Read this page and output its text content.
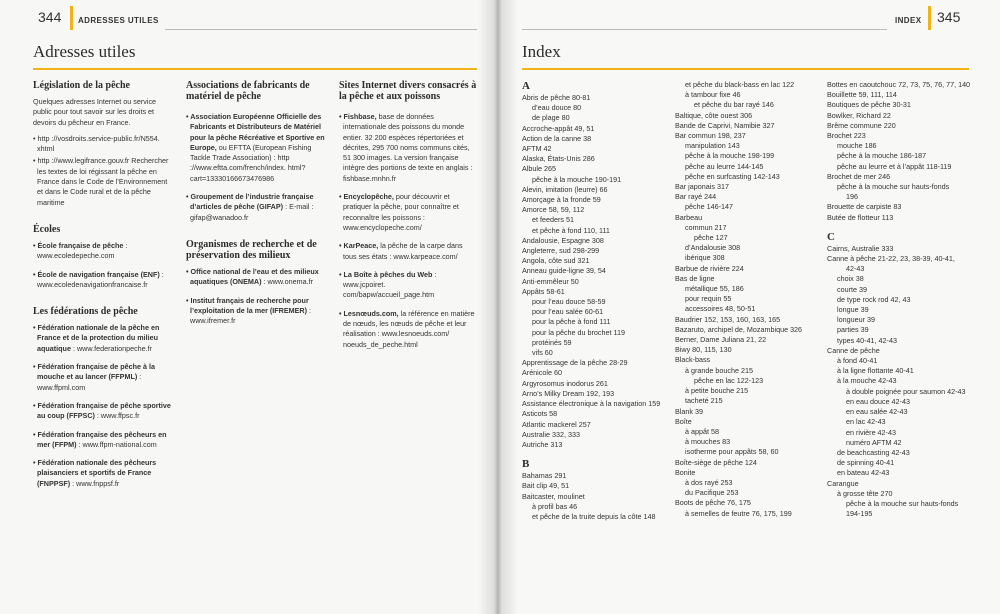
344 ADRESSES UTILES
Adresses utiles
Législation de la pêche
Quelques adresses Internet ou service public pour tout savoir sur les droits et devoirs du pêcheur en France.
• http ://vosdroits.service-public.fr/N554. xhtml
• http ://www.legifrance.gouv.fr Rechercher les textes de loi régissant la pêche en France dans le Code de l’Environnement et dans le Code rural et de la pêche maritime
Écoles
• École française de pêche : www.ecoledepeche.com
• École de navigation française (ENF) : www.ecoledenavigationfrancaise.fr
Les fédérations de pêche
• Fédération nationale de la pêche en France et de la protection du milieu aquatique : www.federationpeche.fr
• Fédération française de pêche à la mouche et au lancer (FFPML) : www.ffpml.com
• Fédération française de pêche sportive au coup (FFPSC) : www.ffpsc.fr
• Fédération française des pêcheurs en mer (FFPM) : www.ffpm-national.com
• Fédération nationale des pêcheurs plaisanciers et sportifs de France (FNPPSF) : www.fnppsf.fr
Associations de fabricants de matériel de pêche
• Association Européenne Officielle des Fabricants et Distributeurs de Matériel pour la pêche Récréative et Sportive en Europe, ou EFTTA (European Fishing Tackle Trade Association) : http ://www.eftta.com/french/index. html?cart=13330166673476986
• Groupement de l’industrie française d’articles de pêche (GIFAP) : E-mail : gifap@wanadoo.fr
Organismes de recherche et de préservation des milieux
• Office national de l’eau et des milieux aquatiques (ONEMA) : www.onema.fr
• Institut français de recherche pour l’exploitation de la mer (IFREMER) : www.ifremer.fr
Sites Internet divers consacrés à la pêche et aux poissons
• Fishbase, base de données internationale des poissons du monde entier. 32 200 espèces répertoriées et décrites, 295 700 noms communs cités, 51 300 images. La version française intègre des portions de texte en anglais : fishbase.mnhn.fr
• Encyclopêche, pour découvrir et pratiquer la pêche, pour connaître et reconnaître les poissons : www.encyclopeche.com/
• KarPeace, la pêche de la carpe dans tous ses états : www.karpeace.com/
• La Boîte à pêches du Web : www.jcpoiret. com/bapw/accueil_page.htm
• Lesnœuds.com, la référence en matière de nœuds, les nœuds de pêche et leur réalisation : www.lesnoeuds.com/ noeuds_de_peche.html
INDEX 345
Index
A
Abris de pêche 80-81
d’eau douce 80
de plage 80
Accroche-appât 49, 51
Action de la canne 38
AFTM 42
Alaska, États-Unis 286
Albule 265
pêche à la mouche 190-191
Alevin, imitation (leurre) 66
Amorçage à la fronde 59
Amorce 58, 59, 112
et feeders 51
et pêche à fond 110, 111
Andalousie, Espagne 308
Angleterre, sud 298-299
Angola, côte sud 321
Anneau guide-ligne 39, 54
Anti-emmêleur 50
Appâts 58-61
pour l’eau douce 58-59
pour l’eau salée 60-61
pour la pêche à fond 111
pour la pêche du brochet 119
protéinés 59
vifs 60
Apprentissage de la pêche 28-29
Arénicole 60
Argyrosomus inodorus 261
Arno’s Milky Dream 192, 193
Assistance électronique à la navigation 159
Asticots 58
Atlantic mackerel 257
Australie 332, 333
Autriche 313
B
Bahamas 291
Bait clip 49, 51
Baitcaster, moulinet
à profil bas 46
et pêche de la truite depuis la côte 148
et pêche du black-bass en lac 122
à tambour fixe 46
et pêche du bar rayé 146
Baltique, côte ouest 306
Bande de Caprivi, Namibie 327
Bar commun 198, 237
manipulation 143
pêche à la mouche 198-199
pêche au leurre 144-145
pêche en surfcasting 142-143
Bar japonais 317
Bar rayé 244
pêche 146-147
Barbeau
commun 217
pêche 127
d’Andalousie 308
ibérique 308
Barbue de rivière 224
Bas de ligne
métallique 55, 186
pour requin 55
accessoires 48, 50-51
Baudrier 152, 153, 160, 163, 165
Bazaruto, archipel de, Mozambique 326
Berner, Dame Juliana 21, 22
Biwy 80, 115, 130
Black-bass
à grande bouche 215
pêche en lac 122-123
à petite bouche 215
tacheté 215
Blank 39
Boîte
à appât 58
à mouches 83
isotherme pour appâts 58, 60
Boîte-siège de pêche 124
Bonite
à dos rayé 253
du Pacifique 253
Boots de pêche 76, 175
à semelles de feutre 76, 175, 199
Bottes en caoutchouc 72, 73, 75, 76, 77, 140
Bouillette 59, 111, 114
Boutiques de pêche 30-31
Bowlker, Richard 22
Brême commune 220
Brochet 223
mouche 186
pêche à la mouche 186-187
pêche au leurre et à l’appât 118-119
Brochet de mer 246
pêche à la mouche sur hauts-fonds
196
Brouette de carpiste 83
Butée de flotteur 113
C
Cairns, Australie 333
Canne à pêche 21-22, 23, 38-39, 40-41,
42-43
choix 38
courte 39
de type rock rod 42, 43
longue 39
longueur 39
parties 39
types 40-41, 42-43
Canne de pêche
à fond 40-41
à la ligne flottante 40-41
à la mouche 42-43
à double poignée pour saumon 42-43
en eau douce 42-43
en eau salée 42-43
en lac 42-43
en rivière 42-43
numéro AFTM 42
de beachcasting 42-43
de spinning 40-41
en bateau 42-43
Carangue
à grosse tête 270
pêche à la mouche sur hauts-fonds
194-195
